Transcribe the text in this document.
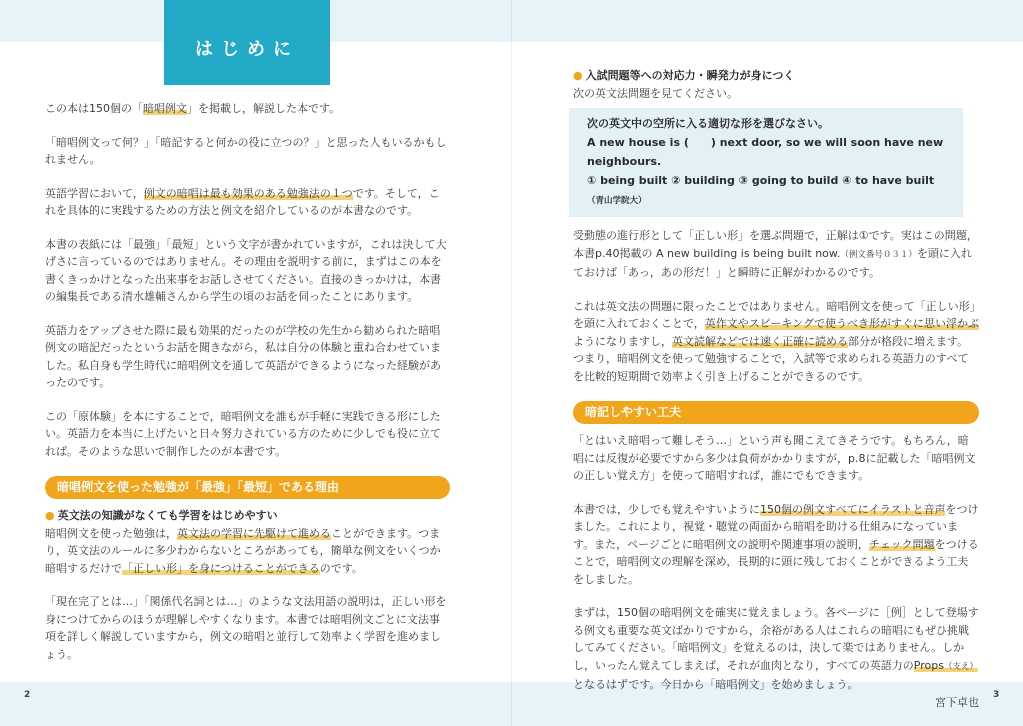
はじめに

この本は150個の「暗唱例文」を掲載し，解説した本です。

「暗唱例文って何？」「暗記すると何かの役に立つの？」と思った人もいるかもしれません。

英語学習において，例文の暗唱は最も効果のある勉強法の１つです。そして，これを具体的に実践するための方法と例文を紹介しているのが本書なのです。

本書の表紙には「最強」「最短」という文字が書かれていますが，これは決して大げさに言っているのではありません。その理由を説明する前に，まずはこの本を書くきっかけとなった出来事をお話しさせてください。直接のきっかけは，本書の編集長である清水雄輔さんから学生の頃のお話を伺ったことにあります。

英語力をアップさせた際に最も効果的だったのが学校の先生から勧められた暗唱例文の暗記だったというお話を聞きながら，私は自分の体験と重ね合わせていました。私自身も学生時代に暗唱例文を通して英語ができるようになった経験があったのです。

この「原体験」を本にすることで，暗唱例文を誰もが手軽に実践できる形にしたい。英語力を本当に上げたいと日々努力されている方のために少しでも役に立てれば。そのような思いで制作したのが本書です。

暗唱例文を使った勉強が「最強」「最短」である理由

● 英文法の知識がなくても学習をはじめやすい

暗唱例文を使った勉強は，英文法の学習に先駆けて進めることができます。つまり，英文法のルールに多少わからないところがあっても，簡単な例文をいくつか暗唱するだけで「正しい形」を身につけることができるのです。

「現在完了とは…」「関係代名詞とは…」のような文法用語の説明は，正しい形を身につけてからのほうが理解しやすくなります。本書では暗唱例文ごとに文法事項を詳しく解説していますから，例文の暗唱と並行して効率よく学習を進めましょう。

● 入試問題等への対応力・瞬発力が身につく

次の英文法問題を見てください。

次の英文中の空所に入る適切な形を選びなさい。
A new house is (　　) next door, so we will soon have new neighbours.
① being built ② building ③ going to build ④ to have built （青山学院大）

受動態の進行形として「正しい形」を選ぶ問題で，正解は①です。実はこの問題，本書p.40掲載の A new building is being built now.（例文番号０３１）を頭に入れておけば「あっ，あの形だ！」と瞬時に正解がわかるのです。

これは英文法の問題に限ったことではありません。暗唱例文を使って「正しい形」を頭に入れておくことで，英作文やスピーキングで使うべき形がすぐに思い浮かぶようになりますし，英文読解などでは速く正確に読める部分が格段に増えます。つまり，暗唱例文を使って勉強することで，入試等で求められる英語力のすべてを比較的短期間で効率よく引き上げることができるのです。

暗記しやすい工夫

「とはいえ暗唱って難しそう…」という声も聞こえてきそうです。もちろん，暗唱には反復が必要ですから多少は負荷がかかりますが，p.8に記載した「暗唱例文の正しい覚え方」を使って暗唱すれば，誰にでもできます。

本書では，少しでも覚えやすいように150個の例文すべてにイラストと音声をつけました。これにより，視覚・聴覚の両面から暗唱を助ける仕組みになっています。また，ページごとに暗唱例文の説明や関連事項の説明，チェック問題をつけることで，暗唱例文の理解を深め，長期的に頭に残しておくことができるよう工夫をしました。

まずは，150個の暗唱例文を確実に覚えましょう。各ページに［例］として登場する例文も重要な英文ばかりですから，余裕がある人はこれらの暗唱にもぜひ挑戦してみてください。「暗唱例文」を覚えるのは，決して楽ではありません。しかし，いったん覚えてしまえば，それが血肉となり，すべての英語力のProps（支え）となるはずです。今日から「暗唱例文」を始めましょう。

宮下卓也

2	3
